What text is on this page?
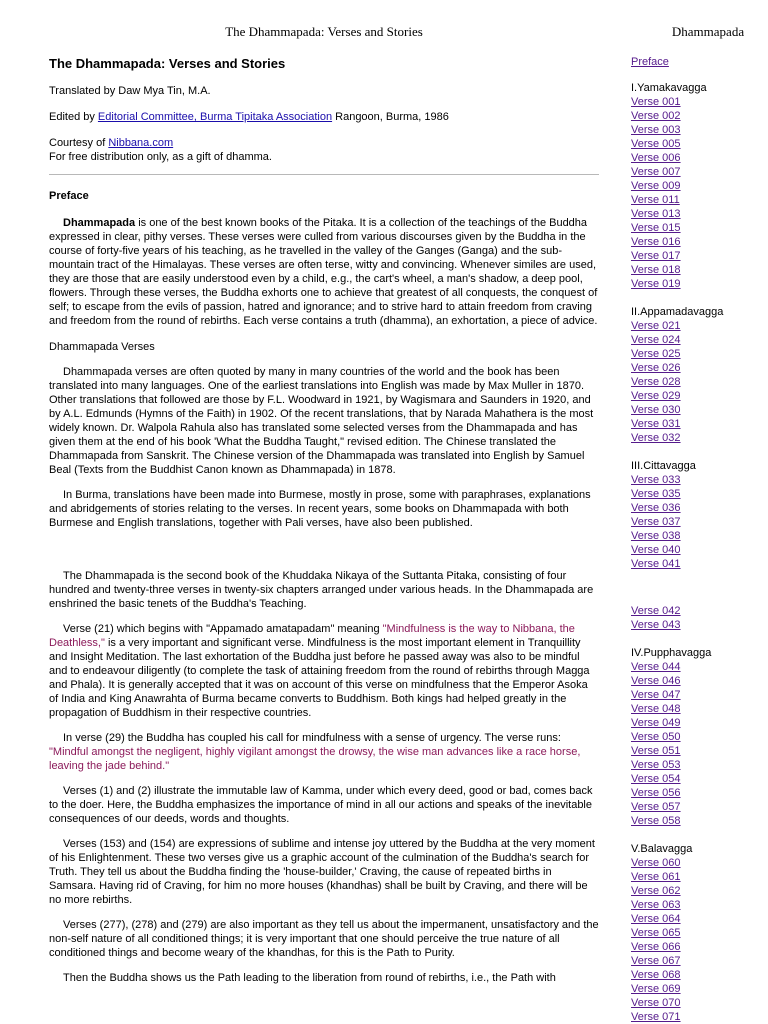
The Dhammapada: Verses and Stories	Dhammapada
The Dhammapada: Verses and Stories

Translated by Daw Mya Tin, M.A.

Edited by Editorial Committee, Burma Tipitaka Association Rangoon, Burma, 1986

Courtesy of Nibbana.com

For free distribution only, as a gift of dhamma.

Preface

Dhammapada is one of the best known books of the Pitaka. It is a collection of the teachings of the Buddha expressed in clear, pithy verses. These verses were culled from various discourses given by the Buddha in the course of forty-five years of his teaching, as he travelled in the valley of the Ganges (Ganga) and the sub-mountain tract of the Himalayas. These verses are often terse, witty and convincing. Whenever similes are used, they are those that are easily understood even by a child, e.g., the cart's wheel, a man's shadow, a deep pool, flowers. Through these verses, the Buddha exhorts one to achieve that greatest of all conquests, the conquest of self; to escape from the evils of passion, hatred and ignorance; and to strive hard to attain freedom from craving and freedom from the round of rebirths. Each verse contains a truth (dhamma), an exhortation, a piece of advice.

Dhammapada Verses

Dhammapada verses are often quoted by many in many countries of the world and the book has been translated into many languages. One of the earliest translations into English was made by Max Muller in 1870. Other translations that followed are those by F.L. Woodward in 1921, by Wagismara and Saunders in 1920, and by A.L. Edmunds (Hymns of the Faith) in 1902. Of the recent translations, that by Narada Mahathera is the most widely known. Dr. Walpola Rahula also has translated some selected verses from the Dhammapada and has given them at the end of his book 'What the Buddha Taught," revised edition. The Chinese translated the Dhammapada from Sanskrit. The Chinese version of the Dhammapada was translated into English by Samuel Beal (Texts from the Buddhist Canon known as Dhammapada) in 1878.

In Burma, translations have been made into Burmese, mostly in prose, some with paraphrases, explanations and abridgements of stories relating to the verses. In recent years, some books on Dhammapada with both Burmese and English translations, together with Pali verses, have also been published.

The Dhammapada is the second book of the Khuddaka Nikaya of the Suttanta Pitaka, consisting of four hundred and twenty-three verses in twenty-six chapters arranged under various heads. In the Dhammapada are enshrined the basic tenets of the Buddha's Teaching.

Verse (21) which begins with "Appamado amatapadam" meaning "Mindfulness is the way to Nibbana, the Deathless," is a very important and significant verse. Mindfulness is the most important element in Tranquillity and Insight Meditation. The last exhortation of the Buddha just before he passed away was also to be mindful and to endeavour diligently (to complete the task of attaining freedom from the round of rebirths through Magga and Phala). It is generally accepted that it was on account of this verse on mindfulness that the Emperor Asoka of India and King Anawrahta of Burma became converts to Buddhism. Both kings had helped greatly in the propagation of Buddhism in their respective countries.

In verse (29) the Buddha has coupled his call for mindfulness with a sense of urgency. The verse runs: "Mindful amongst the negligent, highly vigilant amongst the drowsy, the wise man advances like a race horse, leaving the jade behind."

Verses (1) and (2) illustrate the immutable law of Kamma, under which every deed, good or bad, comes back to the doer. Here, the Buddha emphasizes the importance of mind in all our actions and speaks of the inevitable consequences of our deeds, words and thoughts.

Verses (153) and (154) are expressions of sublime and intense joy uttered by the Buddha at the very moment of his Enlightenment. These two verses give us a graphic account of the culmination of the Buddha's search for Truth. They tell us about the Buddha finding the 'house-builder,' Craving, the cause of repeated births in Samsara. Having rid of Craving, for him no more houses (khandhas) shall be built by Craving, and there will be no more rebirths.

Verses (277), (278) and (279) are also important as they tell us about the impermanent, unsatisfactory and the non-self nature of all conditioned things; it is very important that one should perceive the true nature of all conditioned things and become weary of the khandhas, for this is the Path to Purity.

Then the Buddha shows us the Path leading to the liberation from round of rebirths, i.e., the Path with

Preface
I.Yamakavagga
Verse 001
Verse 002
Verse 003
Verse 005
Verse 006
Verse 007
Verse 009
Verse 011
Verse 013
Verse 015
Verse 016
Verse 017
Verse 018
Verse 019
II.Appamadavagga
Verse 021
Verse 024
Verse 025
Verse 026
Verse 028
Verse 029
Verse 030
Verse 031
Verse 032
III.Cittavagga
Verse 033
Verse 035
Verse 036
Verse 037
Verse 038
Verse 040
Verse 041
Verse 042
Verse 043
IV.Pupphavagga
Verse 044
Verse 046
Verse 047
Verse 048
Verse 049
Verse 050
Verse 051
Verse 053
Verse 054
Verse 056
Verse 057
Verse 058
V.Balavagga
Verse 060
Verse 061
Verse 062
Verse 063
Verse 064
Verse 065
Verse 066
Verse 067
Verse 068
Verse 069
Verse 070
Verse 071
